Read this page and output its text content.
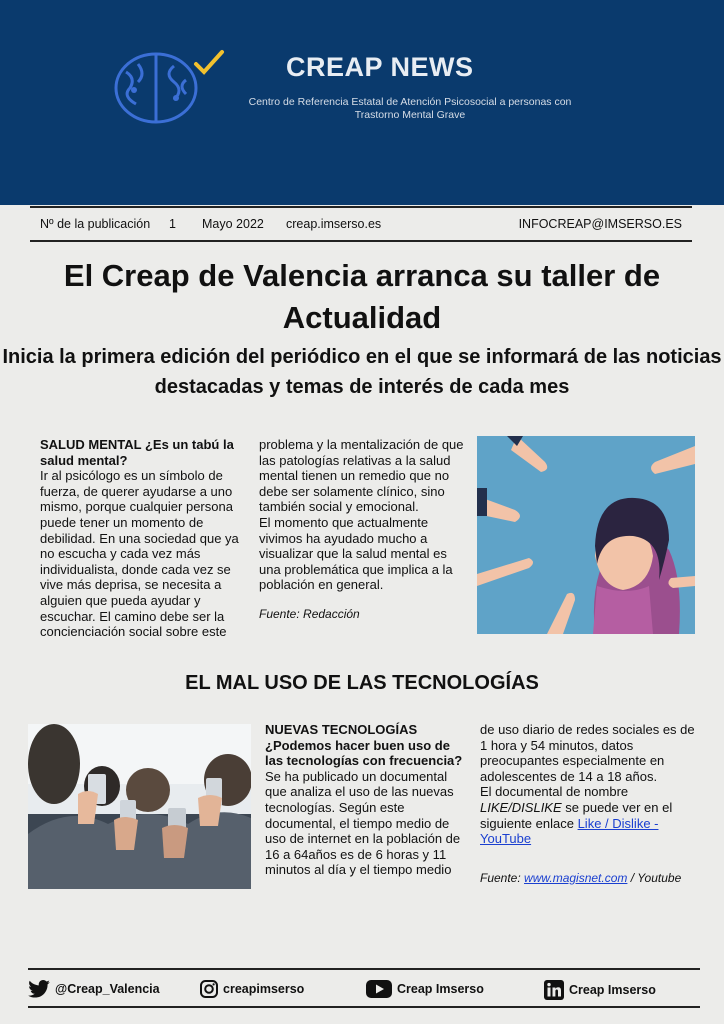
CREAP NEWS
Centro de Referencia Estatal de Atención Psicosocial a personas con Trastorno Mental Grave
Nº de la publicación 1 Mayo 2022 creap.imserso.es	INFOCREAP@IMSERSO.ES
El Creap de Valencia arranca su taller de Actualidad
Inicia la primera edición del periódico en el que se informará de las noticias destacadas y temas de interés de cada mes

SALUD MENTAL ¿Es un tabú la salud mental?

Ir al psicólogo es un símbolo de fuerza, de querer ayudarse a uno mismo, porque cualquier persona puede tener un momento de debilidad. En una sociedad que ya no escucha y cada vez más individualista, donde cada vez se vive más deprisa, se necesita a alguien que pueda ayudar y escuchar. El camino debe ser la concienciación social sobre este

problema y la mentalización de que las patologías relativas a la salud mental tienen un remedio que no debe ser solamente clínico, sino también social y emocional.

El momento que actualmente vivimos ha ayudado mucho a visualizar que la salud mental es una problemática que implica a la población en general.

Fuente: Redacción

EL MAL USO DE LAS TECNOLOGÍAS

NUEVAS TECNOLOGÍAS

¿Podemos hacer buen uso de las tecnologías con frecuencia?

Se ha publicado un documental que analiza el uso de las nuevas tecnologías. Según este documental, el tiempo medio de uso de internet en la población de 16 a 64años es de 6 horas y 11 minutos al día y el tiempo medio

de uso diario de redes sociales es de 1 hora y 54 minutos, datos preocupantes especialmente en adolescentes de 14 a 18 años.

El documental de nombre LIKE/DISLIKE se puede ver en el siguiente enlace Like / Dislike - YouTube

Fuente: www.magisnet.com / Youtube

@Creap_Valencia	creapimserso	Creap Imserso	Creap Imserso
